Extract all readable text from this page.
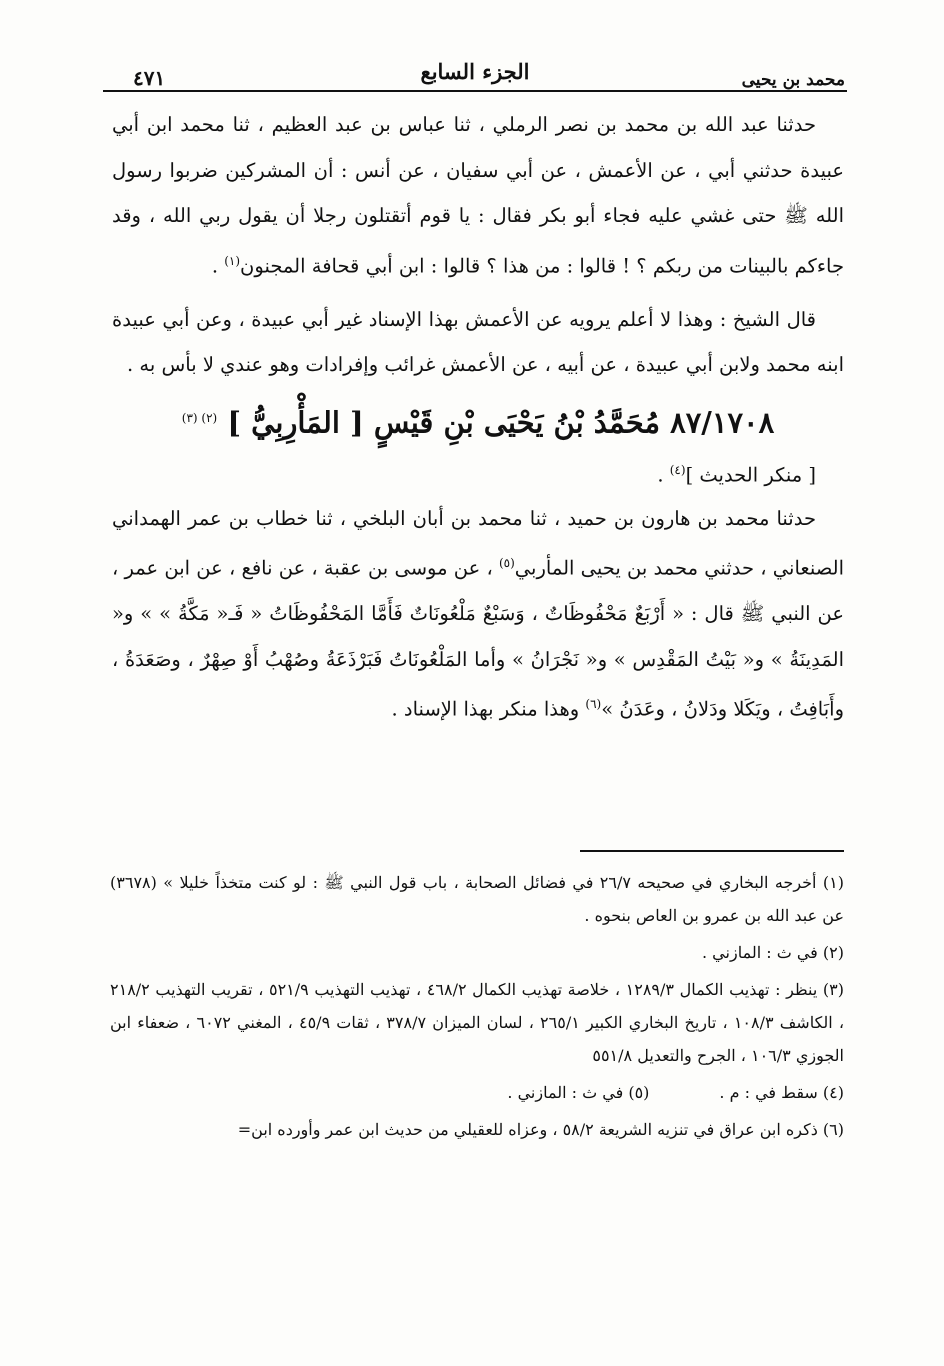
٤٧١	الجزء السابع	محمد بن يحيى

حدثنا عبد الله بن محمد بن نصر الرملي ، ثنا عباس بن عبد العظيم ، ثنا محمد ابن أبي عبيدة حدثني أبي ، عن الأعمش ، عن أبي سفيان ، عن أنس : أن المشركين ضربوا رسول الله ﷺ حتى غشي عليه فجاء أبو بكر فقال : يا قوم أتقتلون رجلا أن يقول ربي الله ، وقد جاءكم بالبينات من ربكم ؟ ! قالوا : من هذا ؟ قالوا : ابن أبي قحافة المجنون$^{(١)}$ .

قال الشيخ : وهذا لا أعلم يرويه عن الأعمش بهذا الإسناد غير أبي عبيدة ، وعن أبي عبيدة ابنه محمد ولابن أبي عبيدة ، عن أبيه ، عن الأعمش غرائب وإفرادات وهو عندي لا بأس به .

٨٧/١٧٠٨ مُحَمَّدُ بْنُ يَحْيَى بْنِ قَيْسٍ [ المَأْرِبِيُّ ] $^{(٢) (٣)}$

[ منكر الحديث ]$^{(٤)}$ .

حدثنا محمد بن هارون بن حميد ، ثنا محمد بن أبان البلخي ، ثنا خطاب بن عمر الهمداني الصنعاني ، حدثني محمد بن يحيى المأربي$^{(٥)}$ ، عن موسى بن عقبة ، عن نافع ، عن ابن عمر ، عن النبي ﷺ قال : « أَرْبَعٌ مَحْفُوظَاتٌ ، وَسَبْعٌ مَلْعُونَاتٌ فَأَمَّا المَحْفُوظَاتُ « فَـ« مَكَّةُ » » و« المَدِينَةُ » و« بَيْتُ المَقْدِس » و« نَجْرَانُ » وأما المَلْعُونَاتُ فَبَرْذَعَةُ وصُهْبُ أَوْ صِهْرٌ ، وصَعَدَةُ ، وأَبَافِتُ ، ويَكَلا ودَلانُ ، وعَدَنُ »$^{(٦)}$ وهذا منكر بهذا الإسناد .

(١) أخرجه البخاري في صحيحه ٢٦/٧ في فضائل الصحابة ، باب قول النبي ﷺ : لو كنت متخذاً خليلا » (٣٦٧٨) عن عبد الله بن عمرو بن العاص بنحوه .

(٢) في ث : المازني .

(٣) ينظر : تهذيب الكمال ١٢٨٩/٣ ، خلاصة تهذيب الكمال ٤٦٨/٢ ، تهذيب التهذيب ٥٢١/٩ ، تقريب التهذيب ٢١٨/٢ ، الكاشف ١٠٨/٣ ، تاريخ البخاري الكبير ٢٦٥/١ ، لسان الميزان ٣٧٨/٧ ، ثقات ٤٥/٩ ، المغني ٦٠٧٢ ، ضعفاء ابن الجوزي ١٠٦/٣ ، الجرح والتعديل ٥٥١/٨

(٤) سقط في : م .

(٥) في ث : المازني .

(٦) ذكره ابن عراق في تنزيه الشريعة ٥٨/٢ ، وعزاه للعقيلي من حديث ابن عمر وأورده ابن=
